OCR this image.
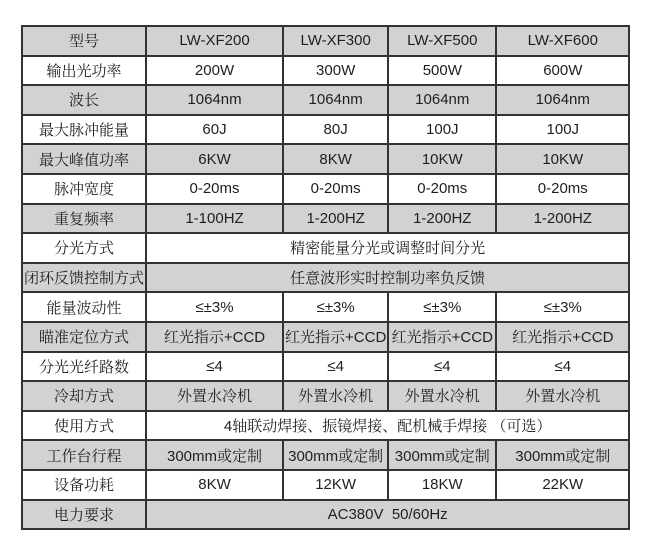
型号	LW-XF200	LW-XF300	LW-XF500	LW-XF600
输出光功率	200W	300W	500W	600W
波长	1064nm	1064nm	1064nm	1064nm
最大脉冲能量	60J	80J	100J	100J
最大峰值功率	6KW	8KW	10KW	10KW
脉冲宽度	0-20ms	0-20ms	0-20ms	0-20ms
重复频率	1-100HZ	1-200HZ	1-200HZ	1-200HZ
分光方式	精密能量分光或调整时间分光			
闭环反馈控制方式	任意波形实时控制功率负反馈			
能量波动性	≤±3%	≤±3%	≤±3%	≤±3%
瞄准定位方式	红光指示+CCD	红光指示+CCD	红光指示+CCD	红光指示+CCD
分光光纤路数	≤4	≤4	≤4	≤4
冷却方式	外置水冷机	外置水冷机	外置水冷机	外置水冷机
使用方式	4轴联动焊接、振镜焊接、配机械手焊接 （可选）			
工作台行程	300mm或定制	300mm或定制	300mm或定制	300mm或定制
设备功耗	8KW	12KW	18KW	22KW
电力要求	AC380V  50/60Hz			
